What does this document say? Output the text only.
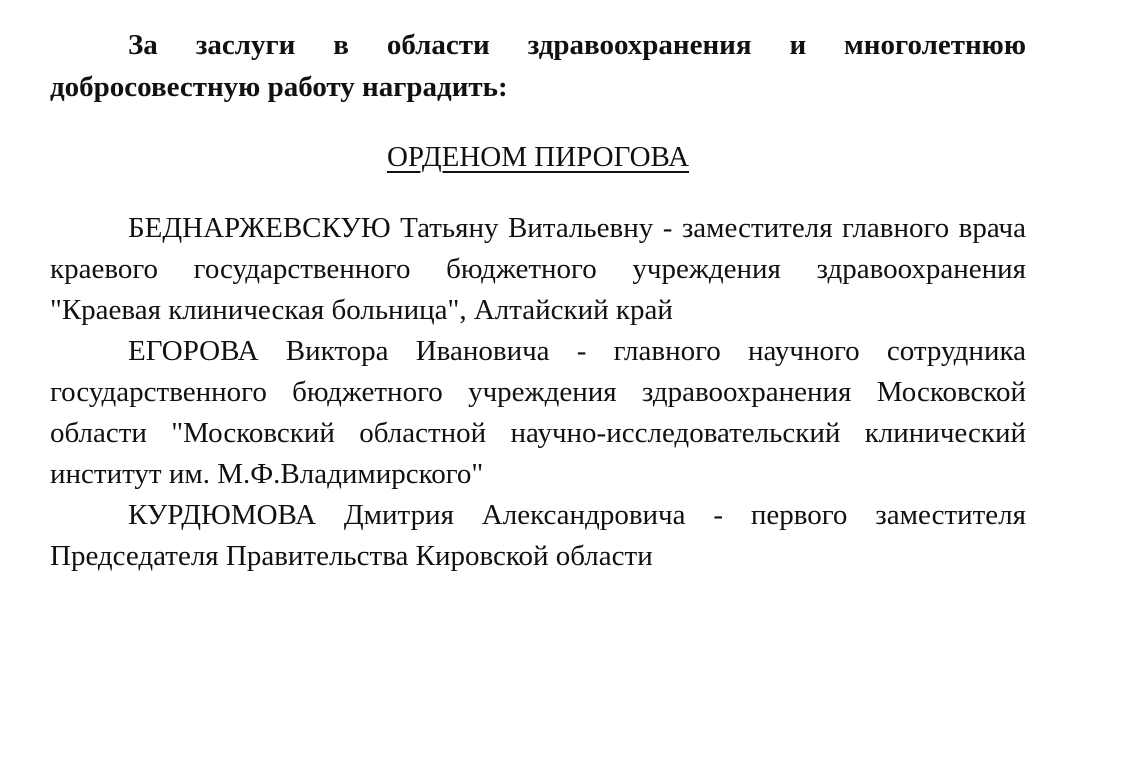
За заслуги в области здравоохранения и многолетнюю добросовестную работу наградить:

ОРДЕНОМ ПИРОГОВА

БЕДНАРЖЕВСКУЮ Татьяну Витальевну - заместителя главного врача краевого государственного бюджетного учреждения здравоохранения "Краевая клиническая больница", Алтайский край

ЕГОРОВА Виктора Ивановича - главного научного сотрудника государственного бюджетного учреждения здравоохранения Московской области "Московский областной научно-исследовательский клинический институт им. М.Ф.Владимирского"

КУРДЮМОВА Дмитрия Александровича - первого заместителя Председателя Правительства Кировской области
